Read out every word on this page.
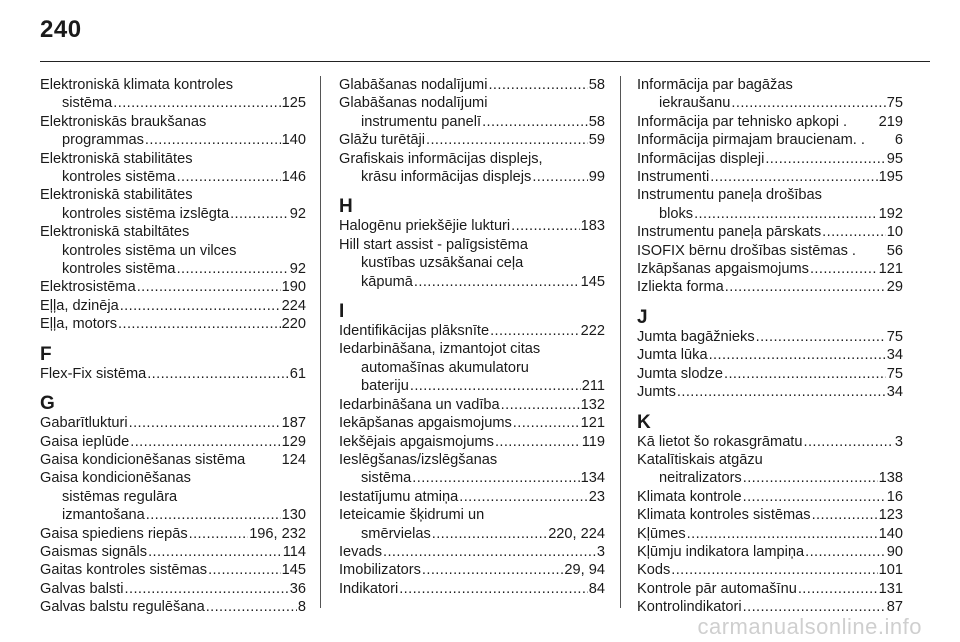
240
Elektroniskā klimata kontroles
sistēma .....	125
Elektroniskās braukšanas
programmas .....	140
Elektroniskā stabilitātes
kontroles sistēma .....	146
Elektroniskā stabilitātes
kontroles sistēma izslēgta .....	92
Elektroniskā stabiltātes
kontroles sistēma un vilces
kontroles sistēma .....	92
Elektrosistēma .....	190
Eļļa, dzinēja .....	224
Eļļa, motors .....	220
F
Flex-Fix sistēma .....	61
G
Gabarītlukturi .....	187
Gaisa ieplūde .....	129
Gaisa kondicionēšanas sistēma 124
Gaisa kondicionēšanas
sistēmas regulāra
izmantošana .....	130
Gaisa spiediens riepās .....	196, 232
Gaismas signāls .....	114
Gaitas kontroles sistēmas .....	145
Galvas balsti .....	36
Galvas balstu regulēšana .....	8
Glabāšanas nodalījumi .....	58
Glabāšanas nodalījumi
instrumentu panelī .....	58
Glāžu turētāji .....	59
Grafiskais informācijas displejs,
krāsu informācijas displejs .....	99
H
Halogēnu priekšējie lukturi .....	183
Hill start assist - palīgsistēma
kustības uzsākšanai ceļa
kāpumā .....	145
I
Identifikācijas plāksnīte .....	222
Iedarbināšana, izmantojot citas
automašīnas akumulatoru
bateriju .....	211
Iedarbināšana un vadība .....	132
Iekāpšanas apgaismojums .....	121
Iekšējais apgaismojums .....	119
Ieslēgšanas/izslēgšanas
sistēma .....	134
Iestatījumu atmiņa .....	23
Ieteicamie šķidrumi un
smērvielas .....	220, 224
Ievads .....	3
Imobilizators .....	29, 94
Indikatori .....	84
Informācija par bagāžas
iekraušanu .....	75
Informācija par tehnisko apkopi . 219
Informācija pirmajam braucienam. . 6
Informācijas displeji .....	95
Instrumenti .....	195
Instrumentu paneļa drošības
bloks .....	192
Instrumentu paneļa pārskats .....	10
ISOFIX bērnu drošības sistēmas . 56
Izkāpšanas apgaismojums .....	121
Izliekta forma .....	29
J
Jumta bagāžnieks .....	75
Jumta lūka .....	34
Jumta slodze .....	75
Jumts .....	34
K
Kā lietot šo rokasgrāmatu .....	3
Katalītiskais atgāzu
neitralizators .....	138
Klimata kontrole .....	16
Klimata kontroles sistēmas .....	123
Kļūmes .....	140
Kļūmju indikatora lampiņa .....	90
Kods .....	101
Kontrole pār automašīnu .....	131
Kontrolindikatori .....	87
carmanualsonline.info
